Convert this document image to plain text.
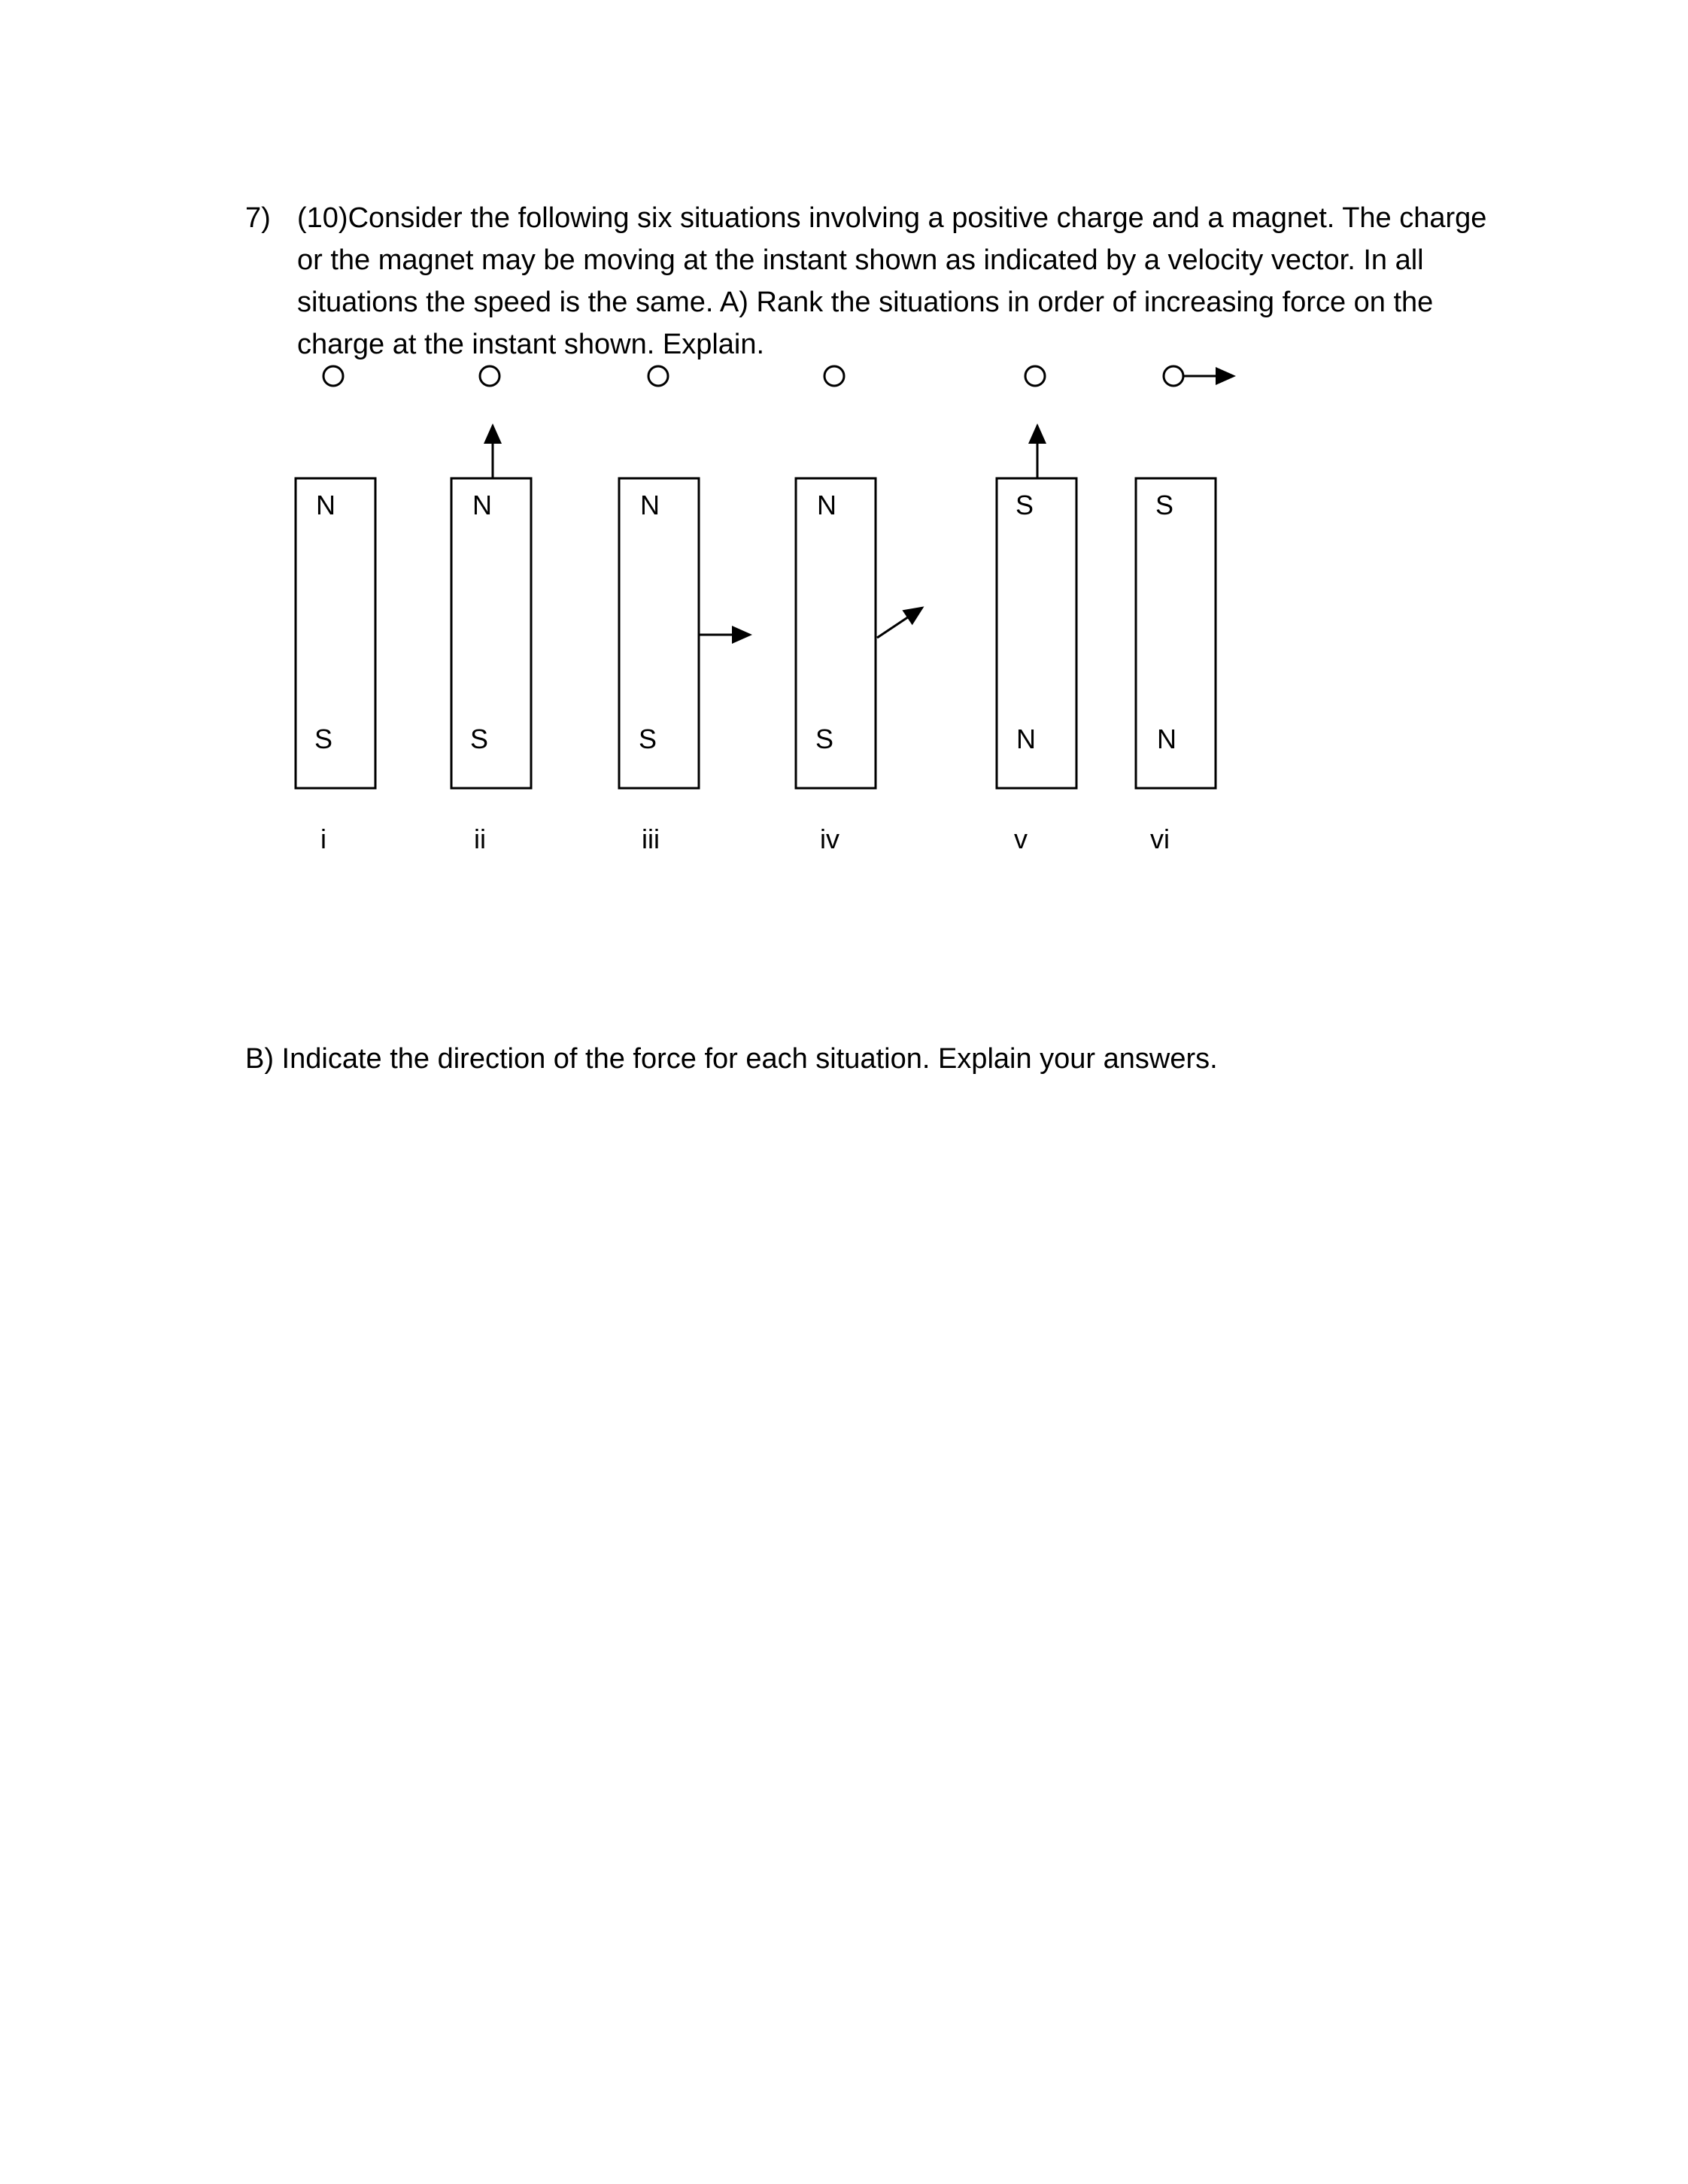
7) (10)Consider the following six situations involving a positive charge and a magnet. The charge
or the magnet may be moving at the instant shown as indicated by a velocity vector. In all
situations the speed is the same. A) Rank the situations in order of increasing force on the
charge at the instant shown. Explain.
N
S
i
N
S
ii
N
S
iii
N
S
iv
S
N
v
S
N
vi
B) Indicate the direction of the force for each situation. Explain your answers.
